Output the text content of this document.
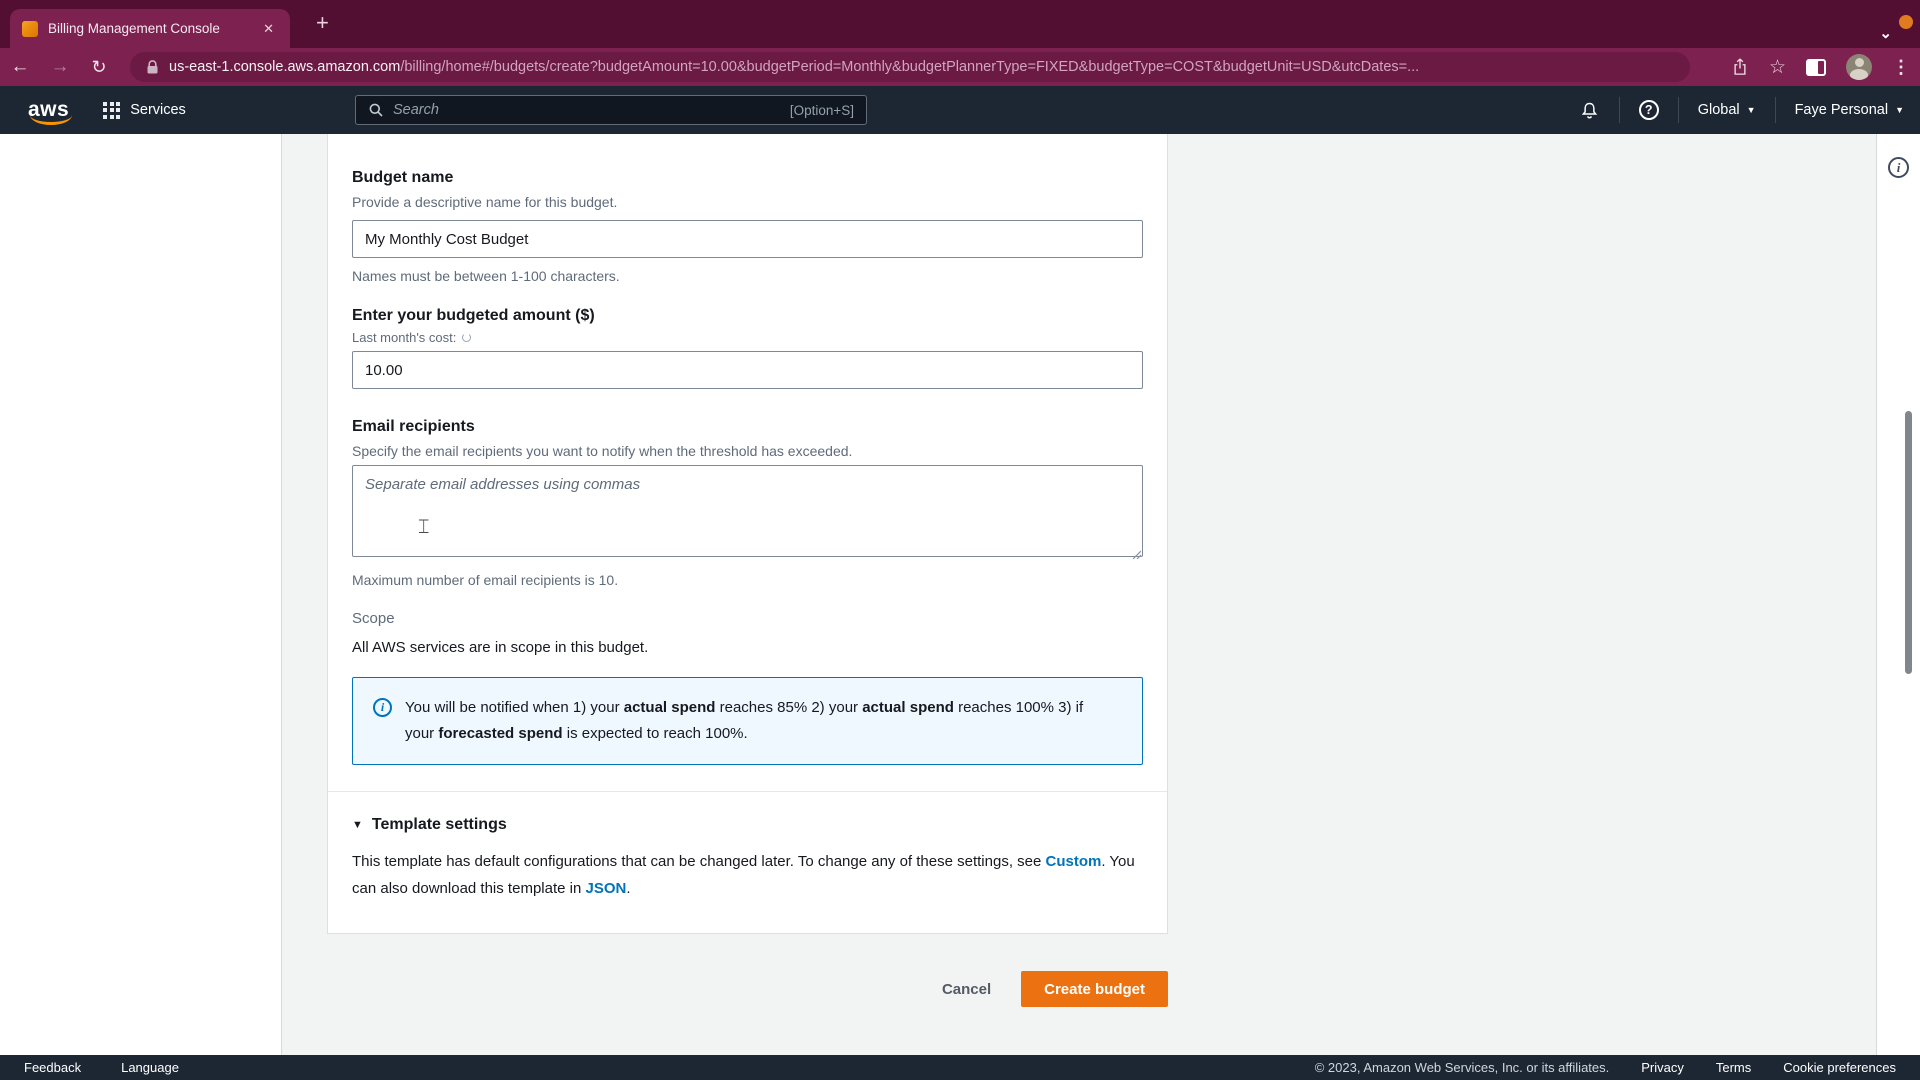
Billing Management Console	✕ +	⌄
←	→	↻	us-east-1.console.aws.amazon.com/billing/home#/budgets/create?budgetAmount=10.00&budgetPeriod=Monthly&budgetPlannerType=FIXED&budgetType=COST&budgetUnit=USD&utcDates=...	☆	⋮
aws	Services
Search	[Option+S]	?	Global ▼	Faye Personal ▼
Budget name
Provide a descriptive name for this budget.
My Monthly Cost Budget
Names must be between 1-100 characters.
Enter your budgeted amount ($)
Last month's cost:
10.00
Email recipients
Specify the email recipients you want to notify when the threshold has exceeded.
Separate email addresses using commas
⌶
Maximum number of email recipients is 10.
Scope
All AWS services are in scope in this budget.
i	You will be notified when 1) your actual spend reaches 85% 2) your actual spend reaches 100% 3) if your forecasted spend is expected to reach 100%.
▼ Template settings
This template has default configurations that can be changed later. To change any of these settings, see Custom. You can also download this template in JSON.
Cancel	Create budget
i
Feedback	Language	© 2023, Amazon Web Services, Inc. or its affiliates. Privacy Terms Cookie preferences
